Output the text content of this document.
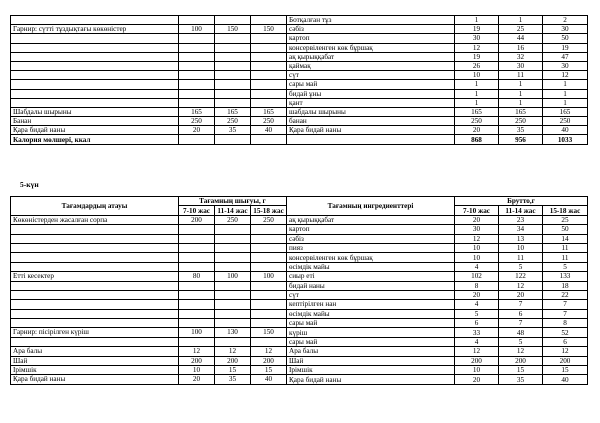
				Ботқалған тұз	1	1	2
Гарнир: сүтті тұздықтағы көкөністер	100	150	150	сәбіз	19	25	30
				картоп	30	44	50
				консервіленген көк бұршақ	12	16	19
				ақ қырыққабат	19	32	47
				қаймақ	26	30	30
				сүт	10	11	12
				сары май	1	1	1
				бидай ұны	1	1	1
				қант	1	1	1
Шабдалы шырыны	165	165	165	шабдалы шырыны	165	165	165
Банан	250	250	250	банан	250	250	250
Қара бидай наны	20	35	40	Қара бидай наны	20	35	40
Калория мөлшері, ккал					868	956	1033
5-күн
Тағамдардың атауы	Тағамның шығуы, г			Тағамның ингредиенттері	Брутто,г		
	7-10 жас	11-14 жас	15-18 жас		7-10 жас	11-14 жас	15-18 жас
Көкөністерден жасалған сорпа	200	250	250	ақ қырыққабат	20	23	25
				картоп	30	34	50
				сәбіз	12	13	14
				пияз	10	10	11
				консервіленген көк бұршақ	10	11	11
				өсімдік майы	4	5	5
Етті кесектер	80	100	100	сиыр еті	102	122	133
				бидай наны	8	12	18
				сүт	20	20	22
				кептірілген нан	4	7	7
				өсімдік майы	5	6	7
				сары май	6	7	8
Гарнир: пісірілген күріш	100	130	150	күріш	33	48	52
				сары май	4	5	6
Ара балы	12	12	12	Ара балы	12	12	12
Шай	200	200	200	Шай	200	200	200
Ірімшік	10	15	15	Ірімшік	10	15	15
Қара бидай наны	20	35	40	Қара бидай наны	20	35	40
